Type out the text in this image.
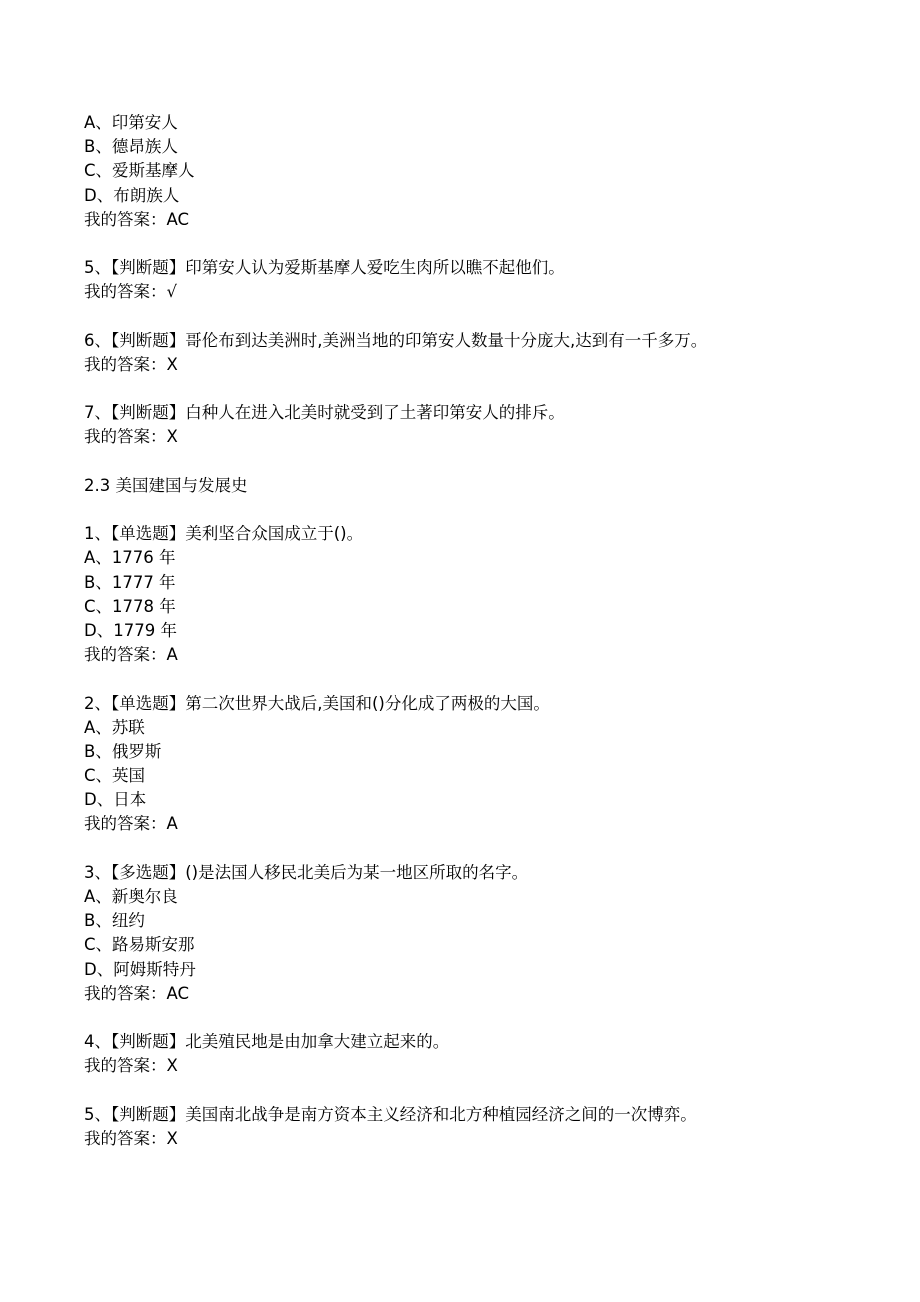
A、印第安人
B、德昂族人
C、爱斯基摩人
D、布朗族人
我的答案：AC
5、【判断题】印第安人认为爱斯基摩人爱吃生肉所以瞧不起他们。
我的答案：√
6、【判断题】哥伦布到达美洲时,美洲当地的印第安人数量十分庞大,达到有一千多万。
我的答案：X
7、【判断题】白种人在进入北美时就受到了土著印第安人的排斥。
我的答案：X
2.3 美国建国与发展史
1、【单选题】美利坚合众国成立于()。
A、1776 年
B、1777 年
C、1778 年
D、1779 年
我的答案：A
2、【单选题】第二次世界大战后,美国和()分化成了两极的大国。
A、苏联
B、俄罗斯
C、英国
D、日本
我的答案：A
3、【多选题】()是法国人移民北美后为某一地区所取的名字。
A、新奥尔良
B、纽约
C、路易斯安那
D、阿姆斯特丹
我的答案：AC
4、【判断题】北美殖民地是由加拿大建立起来的。
我的答案：X
5、【判断题】美国南北战争是南方资本主义经济和北方种植园经济之间的一次博弈。
我的答案：X
